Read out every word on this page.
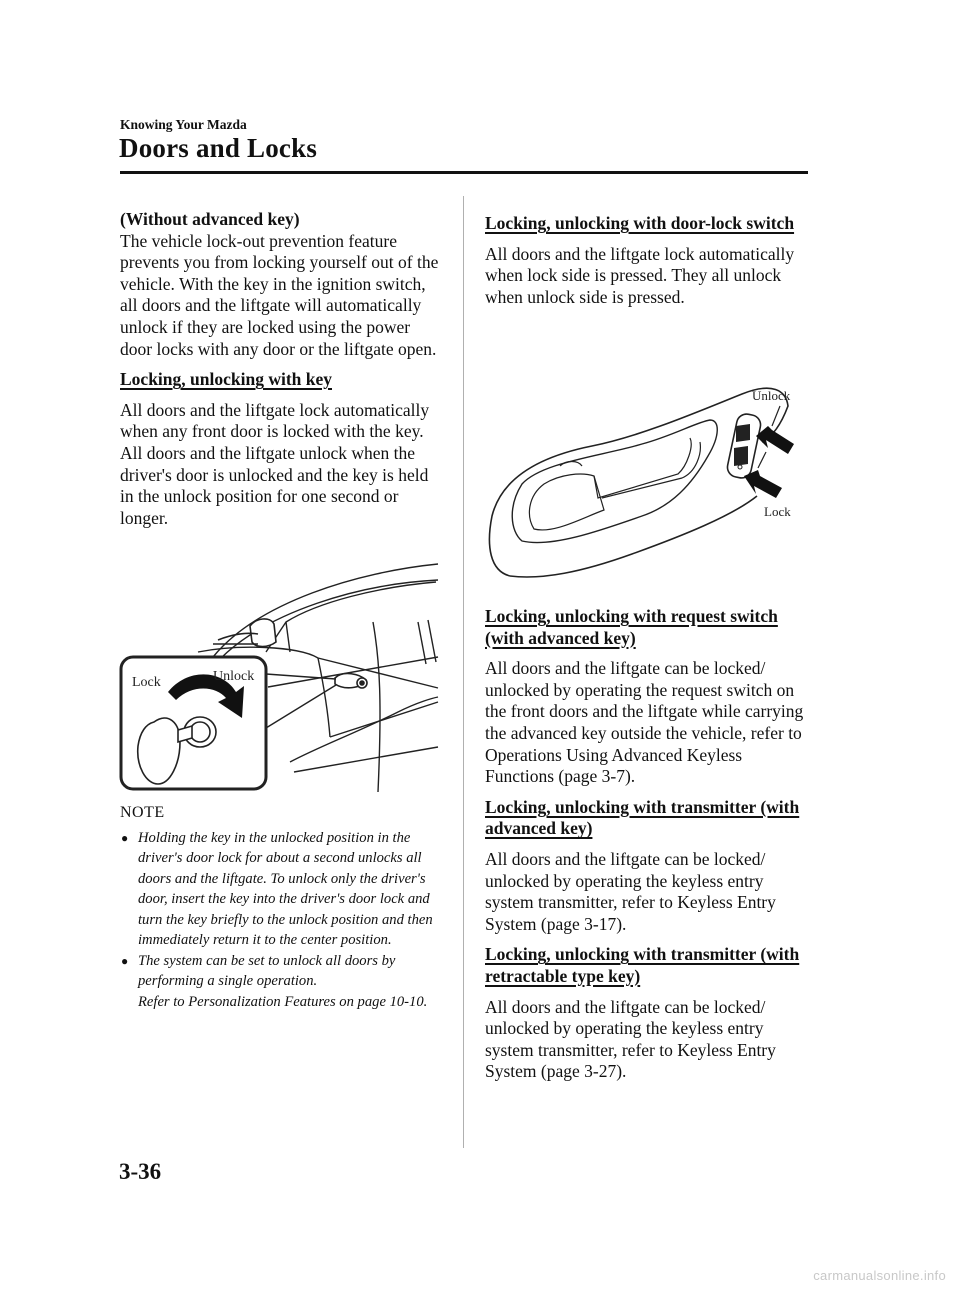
Knowing Your Mazda
Doors and Locks

(Without advanced key)

The vehicle lock-out prevention feature prevents you from locking yourself out of the vehicle. With the key in the ignition switch, all doors and the liftgate will automatically unlock if they are locked using the power door locks with any door or the liftgate open.

Locking, unlocking with key

All doors and the liftgate lock automatically when any front door is locked with the key. All doors and the liftgate unlock when the driver's door is unlocked and the key is held in the unlock position for one second or longer.

Lock	Unlock

NOTE

● Holding the key in the unlocked position in the driver's door lock for about a second unlocks all doors and the liftgate. To unlock only the driver's door, insert the key into the driver's door lock and turn the key briefly to the unlock position and then immediately return it to the center position.
● The system can be set to unlock all doors by performing a single operation.
Refer to Personalization Features on page 10-10.

Locking, unlocking with door-lock switch

All doors and the liftgate lock automatically when lock side is pressed. They all unlock when unlock side is pressed.

Unlock
Lock

Locking, unlocking with request switch (with advanced key)

All doors and the liftgate can be locked/ unlocked by operating the request switch on the front doors and the liftgate while carrying the advanced key outside the vehicle, refer to Operations Using Advanced Keyless Functions (page 3-7).

Locking, unlocking with transmitter (with advanced key)

All doors and the liftgate can be locked/ unlocked by operating the keyless entry system transmitter, refer to Keyless Entry System (page 3-17).

Locking, unlocking with transmitter (with retractable type key)

All doors and the liftgate can be locked/ unlocked by operating the keyless entry system transmitter, refer to Keyless Entry System (page 3-27).

3-36
carmanualsonline.info
